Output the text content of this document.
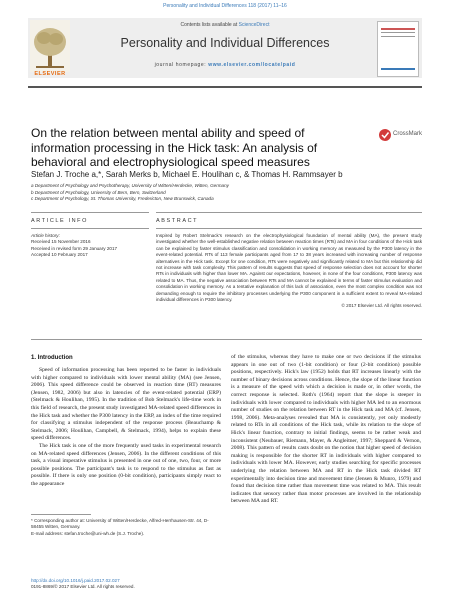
Personality and Individual Differences 118 (2017) 11–16
ELSEVIER
Contents lists available at ScienceDirect
Personality and Individual Differences
journal homepage: www.elsevier.com/locate/paid
On the relation between mental ability and speed of information processing in the Hick task: An analysis of behavioral and electrophysiological speed measures
CrossMark
Stefan J. Troche a,*, Sarah Merks b, Michael E. Houlihan c, & Thomas H. Rammsayer b
a Department of Psychology and Psychotherapy, University of Witten/Herdecke, Witten, Germany
b Department of Psychology, University of Bern, Bern, Switzerland
c Department of Psychology, St. Thomas University, Fredericton, New Brunswick, Canada
ARTICLE INFO	ABSTRACT
Article history:
Received 15 November 2016
Received in revised form 29 January 2017
Accepted 10 February 2017
Inspired by Robert Stelmack's research on the electrophysiological foundation of mental ability (MA), the present study investigated whether the well-established negative relation between reaction times (RTs) and MA in four conditions of the Hick task can be explained by faster stimulus classification and consolidation in working memory as measured by the P300 latency in the event-related potential. RTs of 113 female participants aged from 17 to 38 years increased with increasing number of response alternatives in the Hick task. Except for one condition, RTs were negatively and significantly related to MA but this relationship did not increase with task complexity. This pattern of results suggests that speed of response selection does not account for shorter RTs in individuals with higher than lower MA. Against our expectations, however, in none of the four conditions, P300 latency was related to MA. Thus, the negative association between RTs and MA cannot be explained in terms of faster stimulus evaluation and consolidation in working memory. As a tentative explanation of this lack of association, even the most complex condition was not demanding enough to require the inhibitory processes underlying the P300 component in a sufficient extent to reveal MA-related individual differences in P300 latency.
© 2017 Elsevier Ltd. All rights reserved.
1. Introduction

Speed of information processing has been reported to be faster in individuals with higher compared to individuals with lower mental ability (MA) (see Jensen, 2006). This speed difference could be observed in reaction time (RT) measures (Jensen, 1982, 2006) but also in latencies of the event-related potential (ERP) (Stelmack & Houlihan, 1995). In the tradition of Bob Stelmack's life-time work in this field of research, the present study investigated MA-related speed differences in the Hick task and whether the P300 latency in the ERP, an index of the time required for classifying a stimulus independent of the response process (Beauchamp & Stelmack, 2006; Houlihan, Campbell, & Stelmack, 1994), helps to explain these speed differences.

The Hick task is one of the more frequently used tasks in experimental research on MA-related speed differences (Jensen, 2006). In the different conditions of this task, a visual imperative stimulus is presented in one out of one, two, four, or more possible positions. The participant's task is to respond to the stimulus as fast as possible. If there is only one position (0-bit condition), participants simply react to the appearance

of the stimulus, whereas they have to make one or two decisions if the stimulus appears in one out of two (1-bit condition) or four (2-bit condition) possible positions, respectively. Hick's law (1952) holds that RT increases linearly with the number of binary decisions across conditions. Hence, the slope of the linear function is a measure of the speed with which a decision is made or, in other words, the correct response is selected. Roth's (1964) report that the slope is steeper in individuals with lower compared to individuals with higher MA led to an enormous number of studies on the relation between RT in the Hick task and MA (cf. Jensen, 1998, 2006). Meta-analyses revealed that MA is consistently, yet only modestly related to RTs in all conditions of the Hick task, while its relation to the slope of Hick's linear function, contrary to initial findings, seems to be rather weak and inconsistent (Neubauer, Riemann, Mayer, & Angleitner, 1997; Sheppard & Vernon, 2008). This pattern of results casts doubt on the notion that higher speed of decision making is responsible for the shorter RT in individuals with higher compared to individuals with lower MA. However, early studies searching for specific processes underlying the relation between MA and RT in the Hick task divided RT experimentally into decision time and movement time (Jensen & Munro, 1979) and found that decision time rather than movement time was related to MA. This result indicates that sensory rather than motor processes are involved in the relationship between MA and RT.

* Corresponding author at: University of Witten/Herdecke, Alfred-Herrhausen-Str. 44, D-58455 Witten, Germany.
E-mail address: stefan.troche@uni-wh.de (S.J. Troche).
http://dx.doi.org/10.1016/j.paid.2017.02.027
0191-8869/© 2017 Elsevier Ltd. All rights reserved.
